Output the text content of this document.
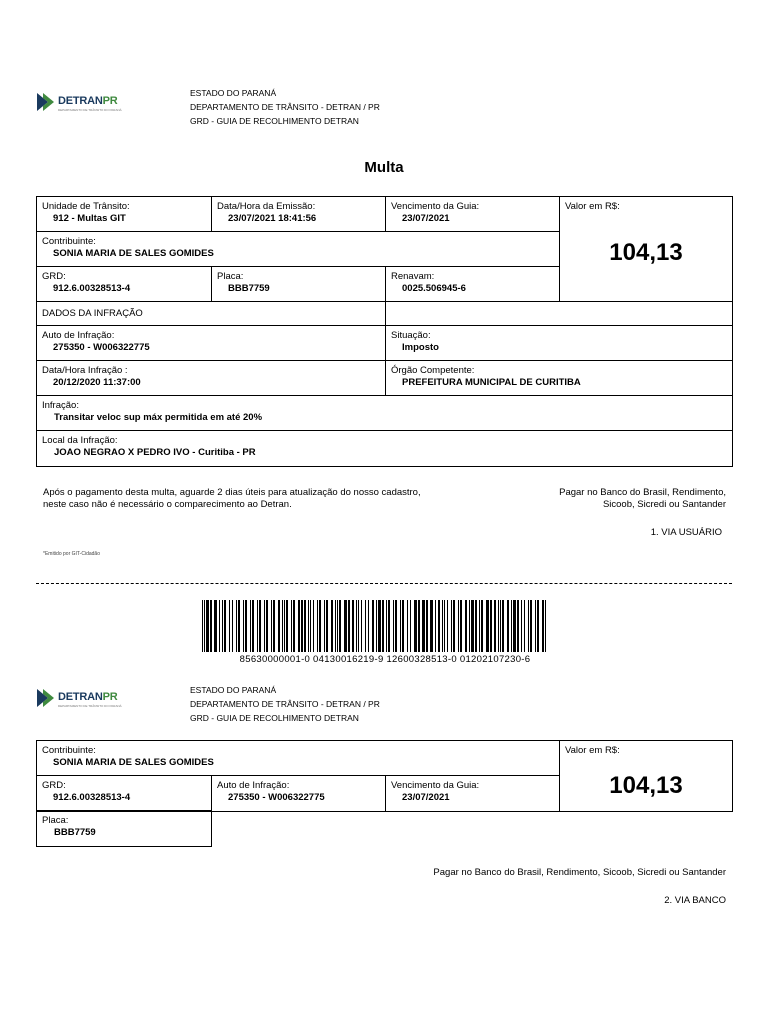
DETRANPR
DEPARTAMENTO DE TRÂNSITO DO PARANÁ
ESTADO DO PARANÁ
DEPARTAMENTO DE TRÂNSITO - DETRAN / PR
GRD - GUIA DE RECOLHIMENTO DETRAN
Multa
Unidade de Trânsito:
912 - Multas GIT
Data/Hora da Emissão:
23/07/2021 18:41:56
Vencimento da Guia:
23/07/2021
Valor em R$:
104,13
Contribuinte:
SONIA MARIA DE SALES GOMIDES
GRD:
912.6.00328513-4
Placa:
BBB7759
Renavam:
0025.506945-6
DADOS DA INFRAÇÃO
Auto de Infração:
275350 - W006322775
Situação:
Imposto
Data/Hora Infração :
20/12/2020 11:37:00
Órgão Competente:
PREFEITURA MUNICIPAL DE CURITIBA
Infração:
Transitar veloc sup máx permitida em até 20%
Local da Infração:
JOAO NEGRAO X PEDRO IVO - Curitiba - PR
Após o pagamento desta multa, aguarde 2 dias úteis para atualização do nosso cadastro,
neste caso não é necessário o comparecimento ao Detran.
Pagar no Banco do Brasil, Rendimento,
Sicoob, Sicredi ou Santander
1. VIA USUÁRIO
*Emitido por GIT-Cidadão
85630000001-0 04130016219-9 12600328513-0 01202107230-6
DETRANPR
DEPARTAMENTO DE TRÂNSITO DO PARANÁ
ESTADO DO PARANÁ
DEPARTAMENTO DE TRÂNSITO - DETRAN / PR
GRD - GUIA DE RECOLHIMENTO DETRAN
Contribuinte:
SONIA MARIA DE SALES GOMIDES
Valor em R$:
104,13
GRD:
912.6.00328513-4
Auto de Infração:
275350 - W006322775
Vencimento da Guia:
23/07/2021
Placa:
BBB7759
Pagar no Banco do Brasil, Rendimento, Sicoob, Sicredi ou Santander
2. VIA BANCO
